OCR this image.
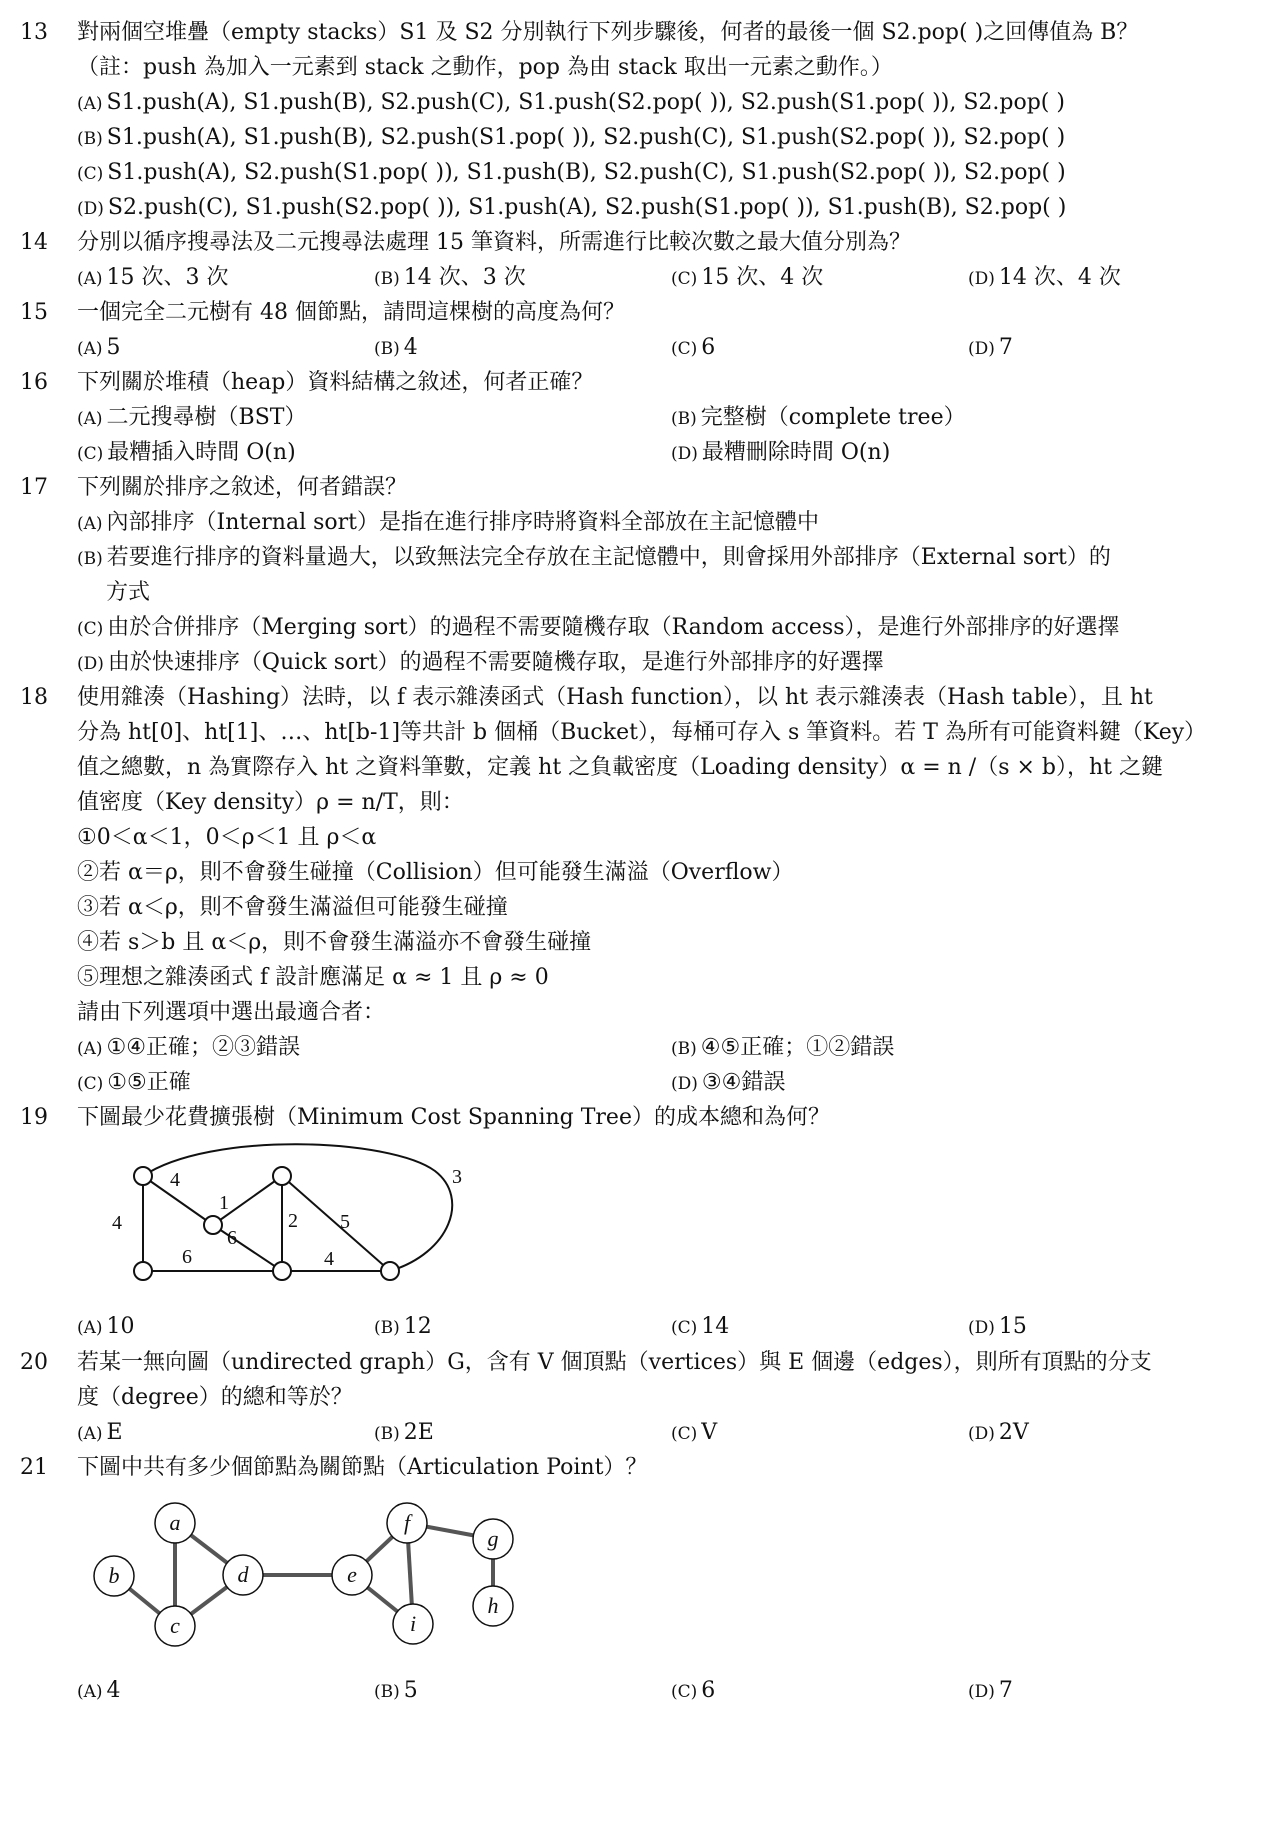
13 對兩個空堆疊（empty stacks）S1 及 S2 分別執行下列步驟後，何者的最後一個 S2.pop( )之回傳值為 B？
（註：push 為加入一元素到 stack 之動作，pop 為由 stack 取出一元素之動作。）
(A) S1.push(A), S1.push(B), S2.push(C), S1.push(S2.pop( )), S2.push(S1.pop( )), S2.pop( )
(B) S1.push(A), S1.push(B), S2.push(S1.pop( )), S2.push(C), S1.push(S2.pop( )), S2.pop( )
(C) S1.push(A), S2.push(S1.pop( )), S1.push(B), S2.push(C), S1.push(S2.pop( )), S2.pop( )
(D) S2.push(C), S1.push(S2.pop( )), S1.push(A), S2.push(S1.pop( )), S1.push(B), S2.pop( )
14 分別以循序搜尋法及二元搜尋法處理 15 筆資料，所需進行比較次數之最大值分別為？
(A) 15 次、3 次	(B) 14 次、3 次	(C) 15 次、4 次	(D) 14 次、4 次
15 一個完全二元樹有 48 個節點，請問這棵樹的高度為何？
(A) 5	(B) 4	(C) 6	(D) 7
16 下列關於堆積（heap）資料結構之敘述，何者正確？
(A) 二元搜尋樹（BST）	(B) 完整樹（complete tree）
(C) 最糟插入時間 O(n)	(D) 最糟刪除時間 O(n)
17 下列關於排序之敘述，何者錯誤？
(A) 內部排序（Internal sort）是指在進行排序時將資料全部放在主記憶體中
(B) 若要進行排序的資料量過大，以致無法完全存放在主記憶體中，則會採用外部排序（External sort）的
方式
(C) 由於合併排序（Merging sort）的過程不需要隨機存取（Random access），是進行外部排序的好選擇
(D) 由於快速排序（Quick sort）的過程不需要隨機存取，是進行外部排序的好選擇
18 使用雜湊（Hashing）法時，以 f 表示雜湊函式（Hash function），以 ht 表示雜湊表（Hash table），且 ht
分為 ht[0]、ht[1]、…、ht[b-1]等共計 b 個桶（Bucket），每桶可存入 s 筆資料。若 T 為所有可能資料鍵（Key）
值之總數，n 為實際存入 ht 之資料筆數，定義 ht 之負載密度（Loading density）α = n /（s × b），ht 之鍵
值密度（Key density）ρ = n/T，則：
①0＜α＜1，0＜ρ＜1 且 ρ＜α
②若 α＝ρ，則不會發生碰撞（Collision）但可能發生滿溢（Overflow）
③若 α＜ρ，則不會發生滿溢但可能發生碰撞
④若 s＞b 且 α＜ρ，則不會發生滿溢亦不會發生碰撞
⑤理想之雜湊函式 f 設計應滿足 α ≈ 1 且 ρ ≈ 0
請由下列選項中選出最適合者：
(A) ①④正確；②③錯誤	(B) ④⑤正確；①②錯誤
(C) ①⑤正確	(D) ③④錯誤
19 下圖最少花費擴張樹（Minimum Cost Spanning Tree）的成本總和為何？
4
4
1
6
2 5
3
6	4
(A) 10	(B) 12	(C) 14	(D) 15
20 若某一無向圖（undirected graph）G，含有 V 個頂點（vertices）與 E 個邊（edges），則所有頂點的分支
度（degree）的總和等於？
(A) E	(B) 2E	(C) V	(D) 2V
21 下圖中共有多少個節點為關節點（Articulation Point）？
a
b
c
d	e
f
g
h
i
(A) 4	(B) 5	(C) 6	(D) 7
